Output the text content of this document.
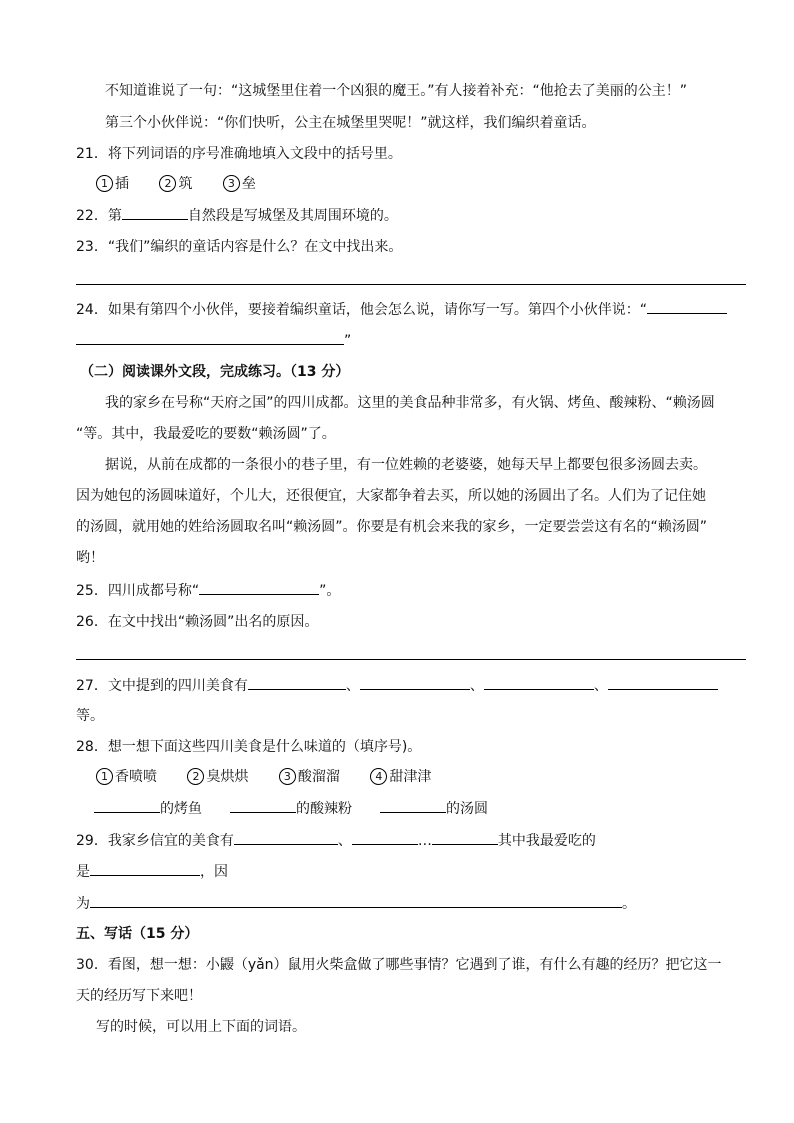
不知道谁说了一句：“这城堡里住着一个凶狠的魔王。”有人接着补充：“他抢去了美丽的公主！”
第三个小伙伴说：“你们快听，公主在城堡里哭呢！”就这样，我们编织着童话。
21．将下列词语的序号准确地填入文段中的括号里。
1 插	2 筑	3 垒
22．第	自然段是写城堡及其周围环境的。
23．“我们”编织的童话内容是什么？在文中找出来。
24．如果有第四个小伙伴，要接着编织童话，他会怎么说，请你写一写。第四个小伙伴说：“
”
（二）阅读课外文段，完成练习。（13 分）
我的家乡在号称“天府之国”的四川成都。这里的美食品种非常多，有火锅、烤鱼、酸辣粉、“赖汤圆
“等。其中，我最爱吃的要数“赖汤圆”了。
据说，从前在成都的一条很小的巷子里，有一位姓赖的老婆婆，她每天早上都要包很多汤圆去卖。
因为她包的汤圆味道好，个儿大，还很便宜，大家都争着去买，所以她的汤圆出了名。人们为了记住她
的汤圆，就用她的姓给汤圆取名叫“赖汤圆”。你要是有机会来我的家乡，一定要尝尝这有名的“赖汤圆”
哟！
25．四川成都号称“	”。
26．在文中找出“赖汤圆”出名的原因。
27．文中提到的四川美食有	、	、	、
等。
28．想一想下面这些四川美食是什么味道的（填序号)。
1 香喷喷	2 臭烘烘	3 酸溜溜	4 甜津津
的烤鱼	的酸辣粉	的汤圆
29．我家乡信宜的美食有	、	…	其中我最爱吃的
是	，因
为	。
五、写话（15 分）
30．看图，想一想：小鼹（yǎn）鼠用火柴盒做了哪些事情？它遇到了谁，有什么有趣的经历？把它这一
天的经历写下来吧！
写的时候，可以用上下面的词语。
